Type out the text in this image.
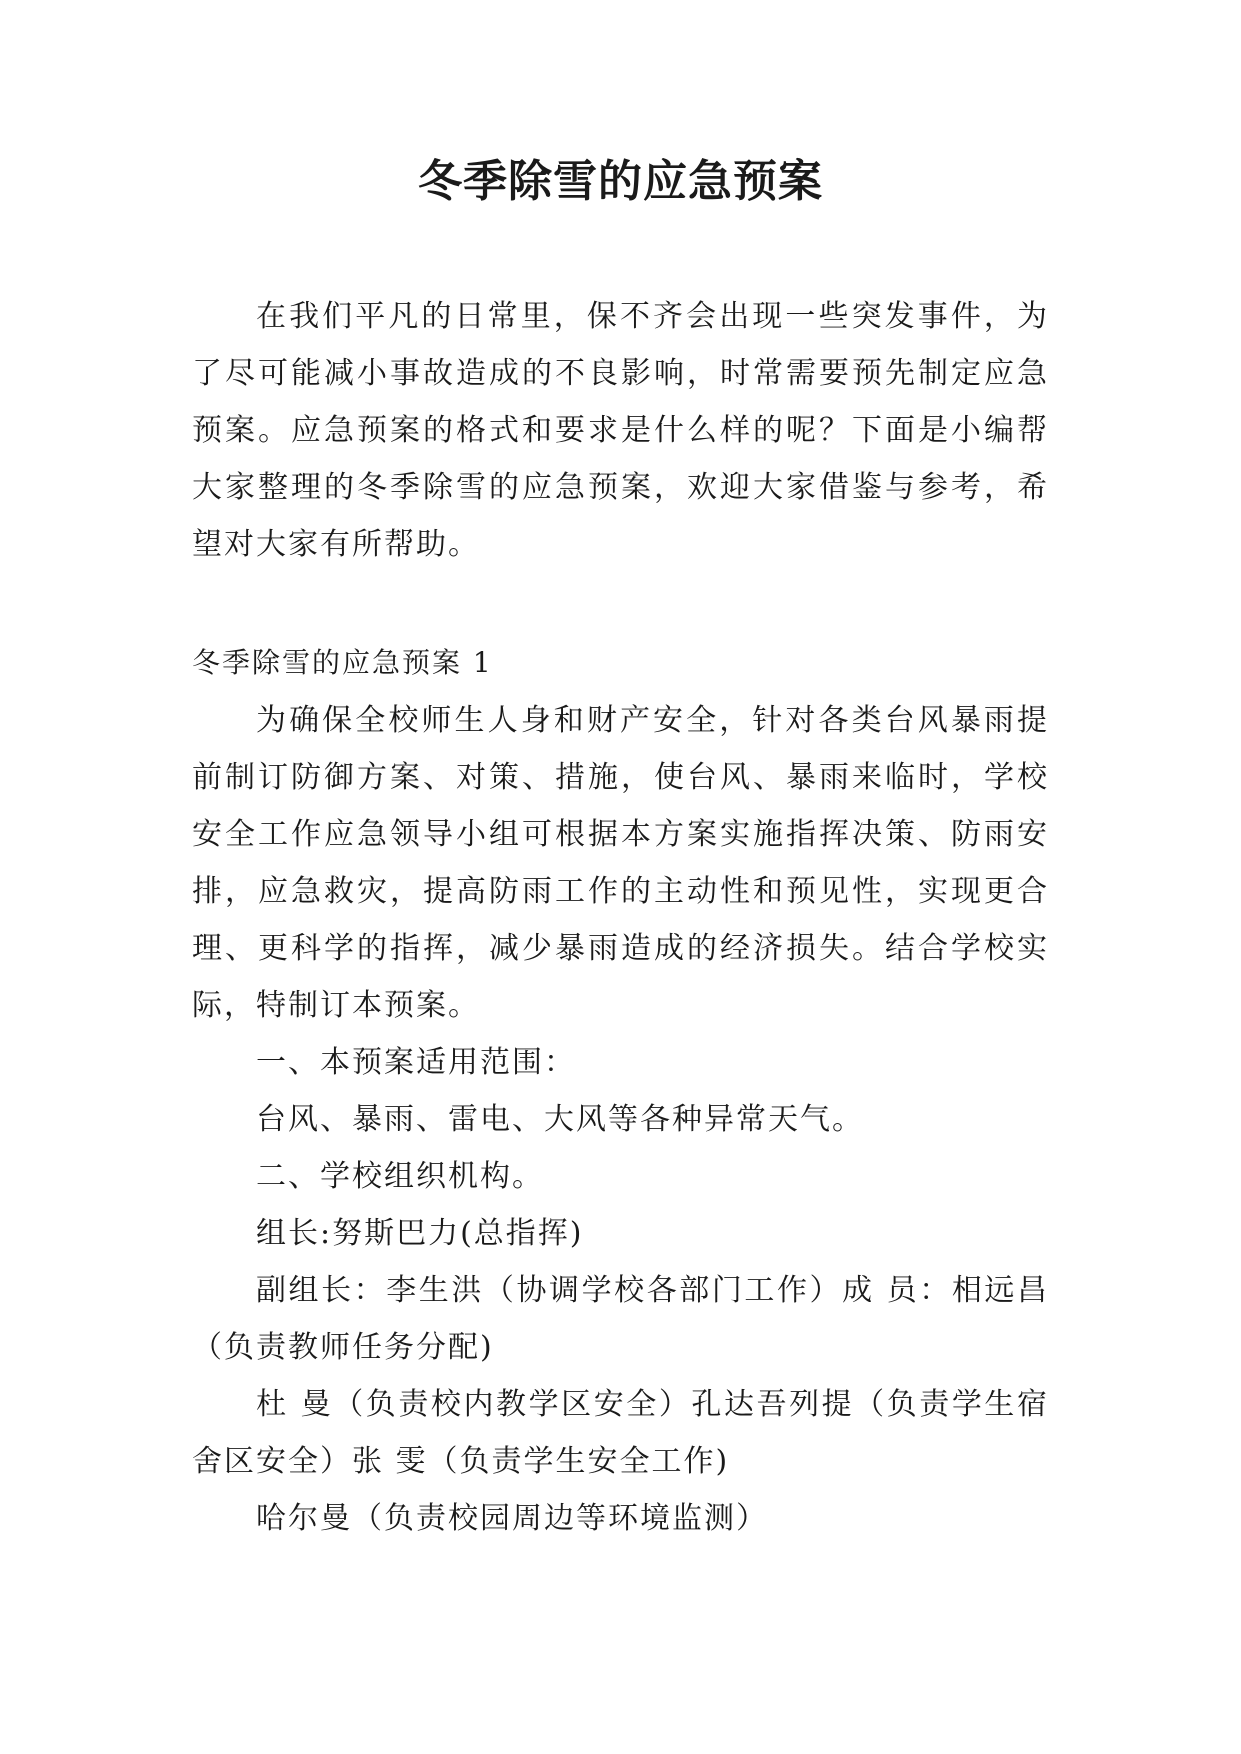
冬季除雪的应急预案

在我们平凡的日常里，保不齐会出现一些突发事件，为了尽可能减小事故造成的不良影响，时常需要预先制定应急预案。应急预案的格式和要求是什么样的呢？下面是小编帮大家整理的冬季除雪的应急预案，欢迎大家借鉴与参考，希望对大家有所帮助。

冬季除雪的应急预案 1

为确保全校师生人身和财产安全，针对各类台风暴雨提前制订防御方案、对策、措施，使台风、暴雨来临时，学校安全工作应急领导小组可根据本方案实施指挥决策、防雨安排，应急救灾，提高防雨工作的主动性和预见性，实现更合理、更科学的指挥，减少暴雨造成的经济损失。结合学校实际，特制订本预案。

一、本预案适用范围：

台风、暴雨、雷电、大风等各种异常天气。

二、学校组织机构。

组长:努斯巴力(总指挥)

副组长：李生洪（协调学校各部门工作）成 员：相远昌（负责教师任务分配)

杜 曼（负责校内教学区安全）孔达吾列提（负责学生宿舍区安全）张 雯（负责学生安全工作)

哈尔曼（负责校园周边等环境监测）
